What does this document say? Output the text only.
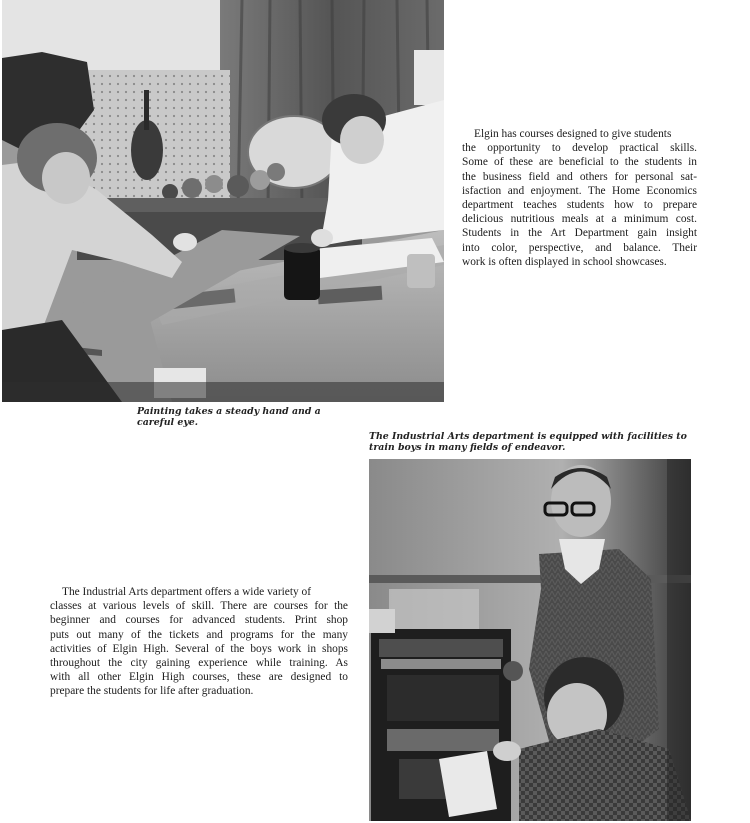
Painting takes a steady hand and a careful eye.
Elgin has courses designed to give students
the opportunity to develop practical skills.
Some of these are beneficial to the students in
the business field and others for personal sat-
isfaction and enjoyment. The Home Economics
department teaches students how to prepare
delicious nutritious meals at a minimum cost.
Students in the Art Department gain insight
into color, perspective, and balance. Their
work is often displayed in school showcases.
The Industrial Arts department is equipped with facilities to train boys in many fields of endeavor.
The Industrial Arts department offers a wide variety of
classes at various levels of skill. There are courses for the
beginner and courses for advanced students. Print shop
puts out many of the tickets and programs for the many
activities of Elgin High. Several of the boys work in shops
throughout the city gaining experience while training. As
with all other Elgin High courses, these are designed to
prepare the students for life after graduation.
